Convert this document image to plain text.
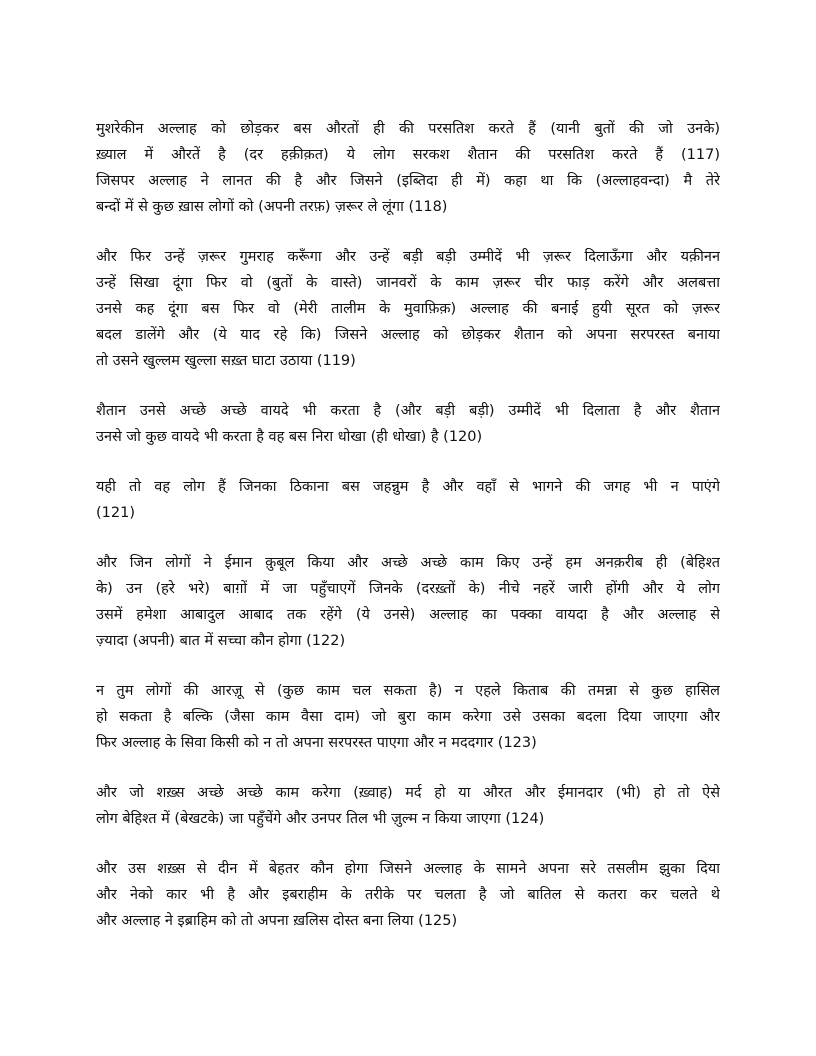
मुशरेकीन अल्लाह को छोड़कर बस औरतों ही की परसतिश करते हैं (यानी बुतों की जो उनके)
ख़्याल में औरतें है (दर हक़ीक़त) ये लोग सरकश शैतान की परसतिश करते हैं (117)
जिसपर अल्लाह ने लानत की है और जिसने (इब्तिदा ही में) कहा था कि (अल्लाहवन्दा) मै तेरे
बन्दों में से कुछ ख़ास लोगों को (अपनी तरफ़) ज़रूर ले लूंगा (118)
और फिर उन्हें ज़रूर गुमराह करूँगा और उन्हें बड़ी बड़ी उम्मीदें भी ज़रूर दिलाऊँगा और यक़ीनन
उन्हें सिखा दूंगा फिर वो (बुतों के वास्ते) जानवरों के काम ज़रूर चीर फाड़ करेंगे और अलबत्ता
उनसे कह दूंगा बस फिर वो (मेरी तालीम के मुवाफ़िक़) अल्लाह की बनाई हुयी सूरत को ज़रूर
बदल डालेंगे और (ये याद रहे कि) जिसने अल्लाह को छोड़कर शैतान को अपना सरपरस्त बनाया
तो उसने खुल्लम खुल्ला सख़्त घाटा उठाया (119)
शैतान उनसे अच्छे अच्छे वायदे भी करता है (और बड़ी बड़ी) उम्मीदें भी दिलाता है और शैतान
उनसे जो कुछ वायदे भी करता है वह बस निरा धोखा (ही धोखा) है (120)
यही तो वह लोग हैं जिनका ठिकाना बस जहन्नुम है और वहाँ से भागने की जगह भी न पाएंगे
(121)
और जिन लोगों ने ईमान क़ुबूल किया और अच्छे अच्छे काम किए उन्हें हम अनक़रीब ही (बेहिश्त
के) उन (हरे भरे) बाग़ों में जा पहुँचाएगें जिनके (दरख़्तों के) नीचे नहरें जारी होंगी और ये लोग
उसमें हमेशा आबादुल आबाद तक रहेंगे (ये उनसे) अल्लाह का पक्का वायदा है और अल्लाह से
ज़्यादा (अपनी) बात में सच्चा कौन होगा (122)
न तुम लोगों की आरज़ू से (कुछ काम चल सकता है) न एहले किताब की तमन्ना से कुछ हासिल
हो सकता है बल्कि (जैसा काम वैसा दाम) जो बुरा काम करेगा उसे उसका बदला दिया जाएगा और
फिर अल्लाह के सिवा किसी को न तो अपना सरपरस्त पाएगा और न मददगार (123)
और जो शख़्स अच्छे अच्छे काम करेगा (ख़्वाह) मर्द हो या औरत और ईमानदार (भी) हो तो ऐसे
लोग बेहिश्त में (बेखटके) जा पहुँचेंगे और उनपर तिल भी ज़ुल्म न किया जाएगा (124)
और उस शख़्स से दीन में बेहतर कौन होगा जिसने अल्लाह के सामने अपना सरे तसलीम झुका दिया
और नेको कार भी है और इबराहीम के तरीके पर चलता है जो बातिल से कतरा कर चलते थे
और अल्लाह ने इब्राहिम को तो अपना ख़लिस दोस्त बना लिया (125)
